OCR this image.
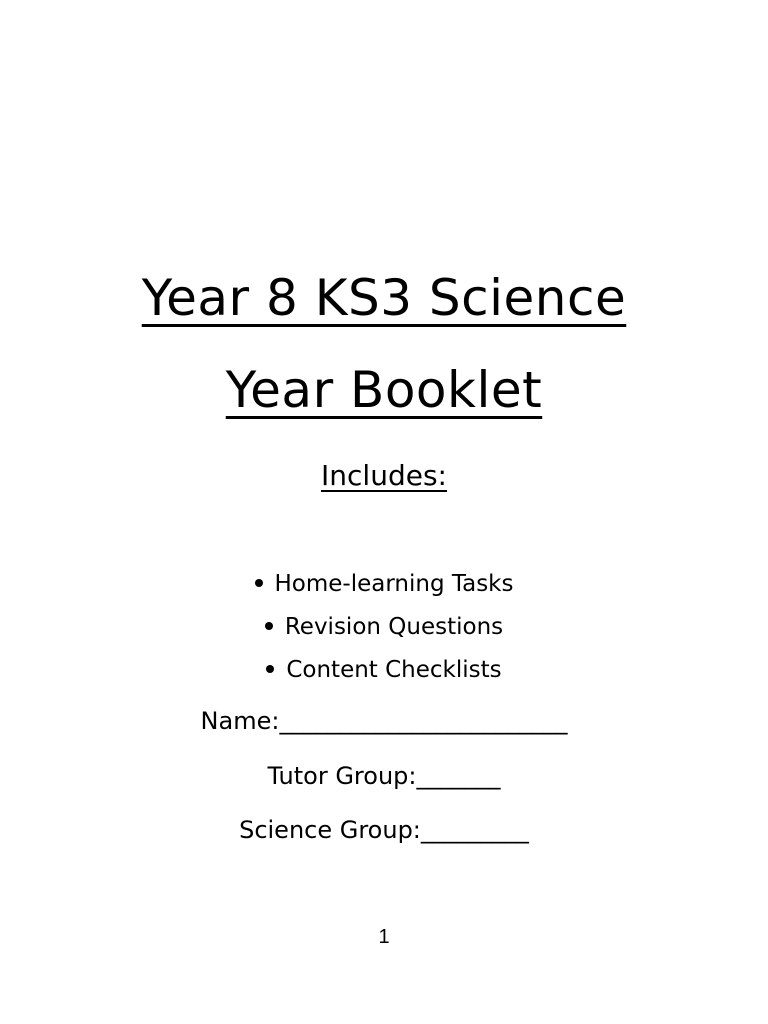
Year 8 KS3 Science
Year Booklet
Includes:
Home-learning Tasks
Revision Questions
Content Checklists
Name:________________________
Tutor Group:_______
Science Group:_________
1
